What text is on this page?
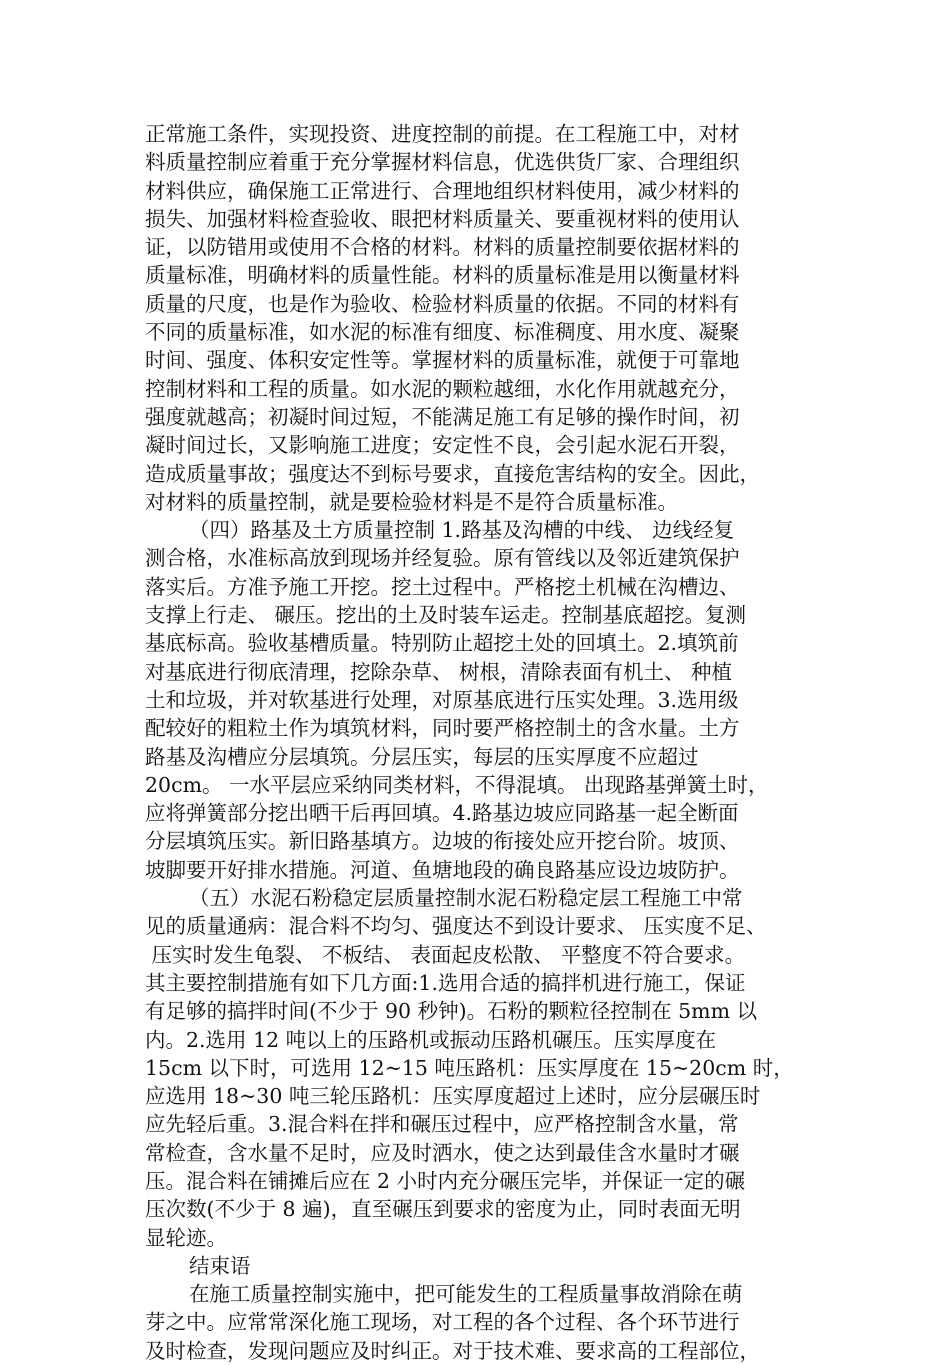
正常施工条件，实现投资、进度控制的前提。在工程施工中，对材
料质量控制应着重于充分掌握材料信息，优选供货厂家、合理组织
材料供应，确保施工正常进行、合理地组织材料使用，减少材料的
损失、加强材料检查验收、眼把材料质量关、要重视材料的使用认
证，以防错用或使用不合格的材料。材料的质量控制要依据材料的
质量标准，明确材料的质量性能。材料的质量标准是用以衡量材料
质量的尺度，也是作为验收、检验材料质量的依据。不同的材料有
不同的质量标准，如水泥的标准有细度、标准稠度、用水度、凝聚
时间、强度、体积安定性等。掌握材料的质量标准，就便于可靠地
控制材料和工程的质量。如水泥的颗粒越细，水化作用就越充分，
强度就越高；初凝时间过短，不能满足施工有足够的操作时间，初
凝时间过长，又影响施工进度；安定性不良，会引起水泥石开裂，
造成质量事故；强度达不到标号要求，直接危害结构的安全。因此，
对材料的质量控制，就是要检验材料是不是符合质量标准。
（四）路基及土方质量控制 1.路基及沟槽的中线、 边线经复
测合格，水准标高放到现场并经复验。原有管线以及邻近建筑保护
落实后。方准予施工开挖。挖土过程中。严格挖土机械在沟槽边、
支撑上行走、 碾压。挖出的土及时装车运走。控制基底超挖。复测
基底标高。验收基槽质量。特别防止超挖土处的回填土。2.填筑前
对基底进行彻底清理，挖除杂草、 树根，清除表面有机土、 种植
土和垃圾，并对软基进行处理，对原基底进行压实处理。3.选用级
配较好的粗粒土作为填筑材料，同时要严格控制土的含水量。土方
路基及沟槽应分层填筑。分层压实，每层的压实厚度不应超过
20cm。 一水平层应采纳同类材料，不得混填。 出现路基弹簧土时，
应将弹簧部分挖出晒干后再回填。4.路基边坡应同路基一起全断面
分层填筑压实。新旧路基填方。边坡的衔接处应开挖台阶。坡顶、
坡脚要开好排水措施。河道、鱼塘地段的确良路基应设边坡防护。
（五）水泥石粉稳定层质量控制水泥石粉稳定层工程施工中常
见的质量通病：混合料不均匀、强度达不到设计要求、 压实度不足、
压实时发生龟裂、 不板结、 表面起皮松散、 平整度不符合要求。
其主要控制措施有如下几方面:1.选用合适的搞拌机进行施工，保证
有足够的搞拌时间(不少于 90 秒钟)。石粉的颗粒径控制在 5mm 以
内。2.选用 12 吨以上的压路机或振动压路机碾压。压实厚度在
15cm 以下时，可选用 12~15 吨压路机：压实厚度在 15~20cm 时，
应选用 18~30 吨三轮压路机：压实厚度超过上述时，应分层碾压时
应先轻后重。3.混合料在拌和碾压过程中，应严格控制含水量，常
常检查，含水量不足时，应及时洒水，使之达到最佳含水量时才碾
压。混合料在铺摊后应在 2 小时内充分碾压完毕，并保证一定的碾
压次数(不少于 8 遍)，直至碾压到要求的密度为止，同时表面无明
显轮迹。
结束语
在施工质量控制实施中，把可能发生的工程质量事故消除在萌
芽之中。应常常深化施工现场，对工程的各个过程、各个环节进行
及时检查，发现问题应及时纠正。对于技术难、要求高的工程部位，
